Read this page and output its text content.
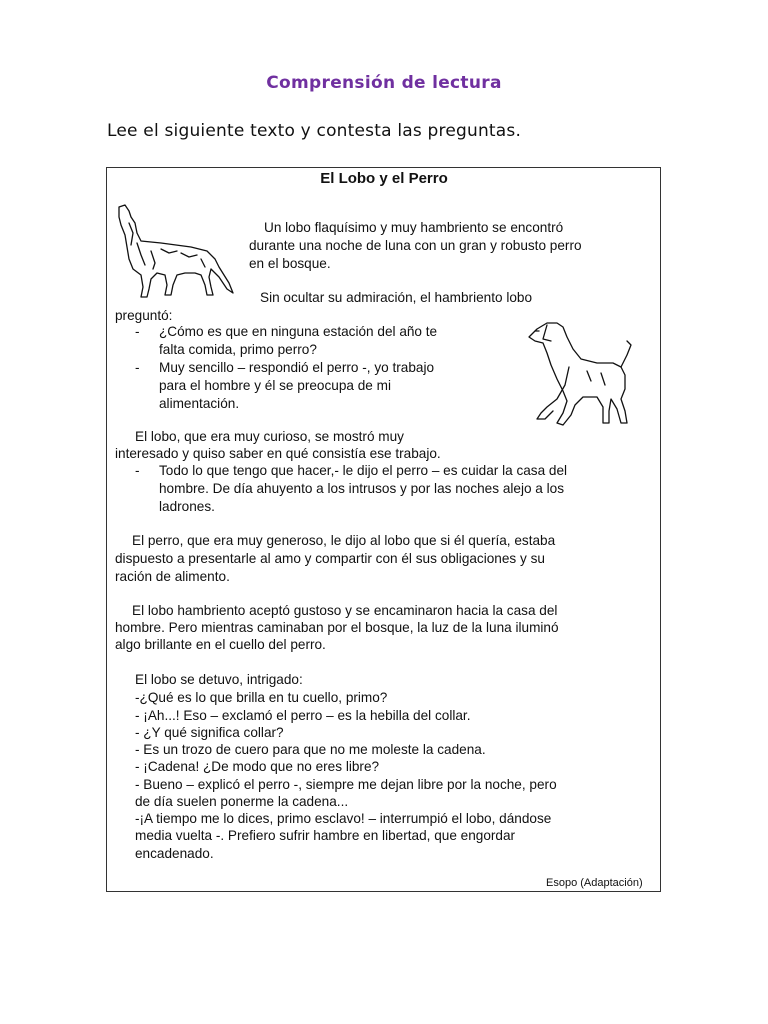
Comprensión de lectura
Lee el siguiente texto y contesta las preguntas.
El Lobo y el Perro
Un lobo flaquísimo y muy hambriento se encontró
durante una noche de luna con un gran y robusto perro
en el bosque.
Sin ocultar su admiración, el hambriento lobo
preguntó:
- ¿Cómo es que en ninguna estación del año te
falta comida, primo perro?
- Muy sencillo – respondió el perro -, yo trabajo
para el hombre y él se preocupa de mi
alimentación.
El lobo, que era muy curioso, se mostró muy
interesado y quiso saber en qué consistía ese trabajo.
- Todo lo que tengo que hacer,- le dijo el perro – es cuidar la casa del
hombre. De día ahuyento a los intrusos y por las noches alejo a los
ladrones.
El perro, que era muy generoso, le dijo al lobo que si él quería, estaba
dispuesto a presentarle al amo y compartir con él sus obligaciones y su
ración de alimento.
El lobo hambriento aceptó gustoso y se encaminaron hacia la casa del
hombre. Pero mientras caminaban por el bosque, la luz de la luna iluminó
algo brillante en el cuello del perro.
El lobo se detuvo, intrigado:
-¿Qué es lo que brilla en tu cuello, primo?
- ¡Ah...! Eso – exclamó el perro – es la hebilla del collar.
- ¿Y qué significa collar?
- Es un trozo de cuero para que no me moleste la cadena.
- ¡Cadena! ¿De modo que no eres libre?
- Bueno – explicó el perro -, siempre me dejan libre por la noche, pero
de día suelen ponerme la cadena...
-¡A tiempo me lo dices, primo esclavo! – interrumpió el lobo, dándose
media vuelta -. Prefiero sufrir hambre en libertad, que engordar
encadenado.
Esopo (Adaptación)
